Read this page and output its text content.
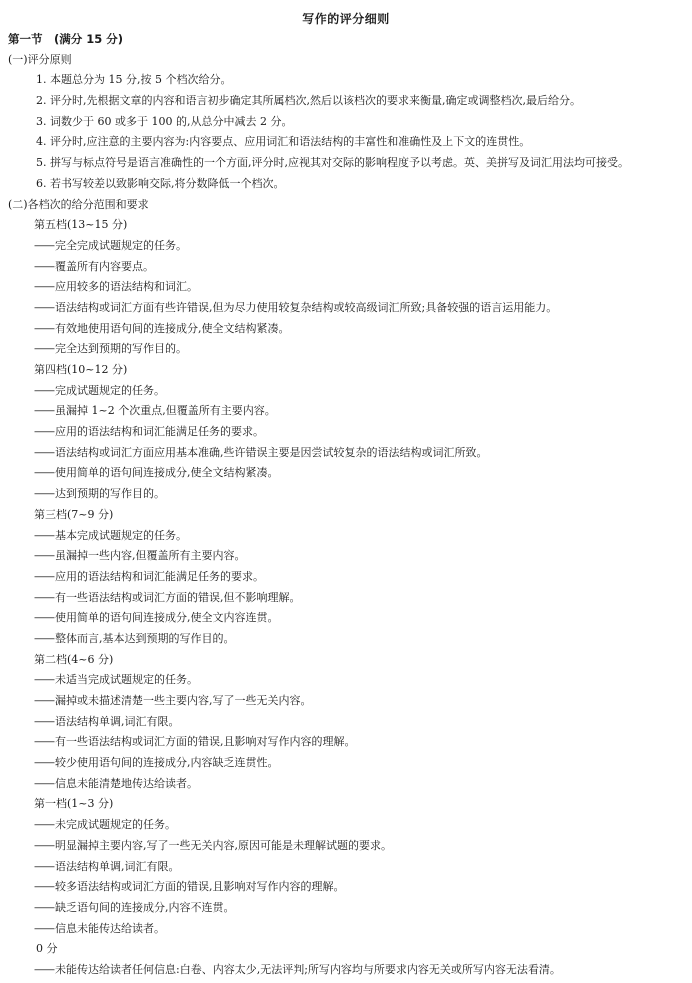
写作的评分细则
第一节　(满分 15 分)
(一)评分原则
1. 本题总分为 15 分,按 5 个档次给分。
2. 评分时,先根据文章的内容和语言初步确定其所属档次,然后以该档次的要求来衡量,确定或调整档次,最后给分。
3. 词数少于 60 或多于 100 的,从总分中减去 2 分。
4. 评分时,应注意的主要内容为:内容要点、应用词汇和语法结构的丰富性和准确性及上下文的连贯性。
5. 拼写与标点符号是语言准确性的一个方面,评分时,应视其对交际的影响程度予以考虑。英、美拼写及词汇用法均可接受。
6. 若书写较差以致影响交际,将分数降低一个档次。
(二)各档次的给分范围和要求
第五档(13~15 分)
——完全完成试题规定的任务。
——覆盖所有内容要点。
——应用较多的语法结构和词汇。
——语法结构或词汇方面有些许错误,但为尽力使用较复杂结构或较高级词汇所致;具备较强的语言运用能力。
——有效地使用语句间的连接成分,使全文结构紧凑。
——完全达到预期的写作目的。
第四档(10~12 分)
——完成试题规定的任务。
——虽漏掉 1~2 个次重点,但覆盖所有主要内容。
——应用的语法结构和词汇能满足任务的要求。
——语法结构或词汇方面应用基本准确,些许错误主要是因尝试较复杂的语法结构或词汇所致。
——使用简单的语句间连接成分,使全文结构紧凑。
——达到预期的写作目的。
第三档(7~9 分)
——基本完成试题规定的任务。
——虽漏掉一些内容,但覆盖所有主要内容。
——应用的语法结构和词汇能满足任务的要求。
——有一些语法结构或词汇方面的错误,但不影响理解。
——使用简单的语句间连接成分,使全文内容连贯。
——整体而言,基本达到预期的写作目的。
第二档(4~6 分)
——未适当完成试题规定的任务。
——漏掉或未描述清楚一些主要内容,写了一些无关内容。
——语法结构单调,词汇有限。
——有一些语法结构或词汇方面的错误,且影响对写作内容的理解。
——较少使用语句间的连接成分,内容缺乏连贯性。
——信息未能清楚地传达给读者。
第一档(1~3 分)
——未完成试题规定的任务。
——明显漏掉主要内容,写了一些无关内容,原因可能是未理解试题的要求。
——语法结构单调,词汇有限。
——较多语法结构或词汇方面的错误,且影响对写作内容的理解。
——缺乏语句间的连接成分,内容不连贯。
——信息未能传达给读者。
0 分
——未能传达给读者任何信息:白卷、内容太少,无法评判;所写内容均与所要求内容无关或所写内容无法看清。
